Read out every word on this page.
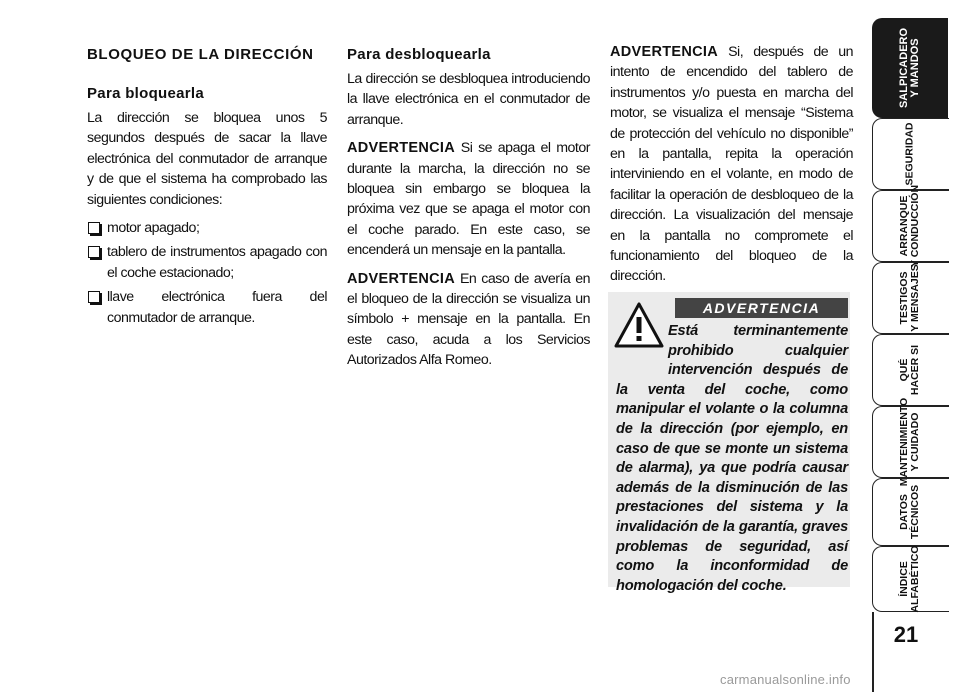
BLOQUEO DE LA DIRECCIÓN
Para bloquearla

La dirección se bloquea unos 5 segundos después de sacar la llave electrónica del conmutador de arranque y de que el sistema ha comprobado las siguientes condiciones:

motor apagado;
tablero de instrumentos apagado con el coche estacionado;
llave electrónica fuera del conmutador de arranque.
Para desbloquearla

La dirección se desbloquea introduciendo la llave electrónica en el conmutador de arranque.

ADVERTENCIA Si se apaga el motor durante la marcha, la dirección no se bloquea sin embargo se bloquea la próxima vez que se apaga el motor con el coche parado. En este caso, se encenderá un mensaje en la pantalla.

ADVERTENCIA En caso de avería en el bloqueo de la dirección se visualiza un símbolo + mensaje en la pantalla. En este caso, acuda a los Servicios Autorizados Alfa Romeo.

ADVERTENCIA Si, después de un intento de encendido del tablero de instrumentos y/o puesta en marcha del motor, se visualiza el mensaje “Sistema de protección del vehículo no disponible” en la pantalla, repita la operación interviniendo en el volante, en modo de facilitar la operación de desbloqueo de la dirección. La visualización del mensaje en la pantalla no compromete el funcionamiento del bloqueo de la dirección.

ADVERTENCIA
Está terminantemente prohibido cualquier intervención después de la venta del coche, como manipular el volante o la columna de la dirección (por ejemplo, en caso de que se monte un sistema de alarma), ya que podría causar además de la disminución de las prestaciones del sistema y la invalidación de la garantía, graves problemas de seguridad, así como la inconformidad de homologación del coche.
SALPICADERO
Y MANDOS
SEGURIDAD
ARRANQUE
Y CONDUCCIÓN
TESTIGOS
Y MENSAJES
QUÉ
HACER SI
MANTENIMIENTO
Y CUIDADO
DATOS
TÉCNICOS
ÍNDICE
ALFABÉTICO
21
carmanualsonline.info
